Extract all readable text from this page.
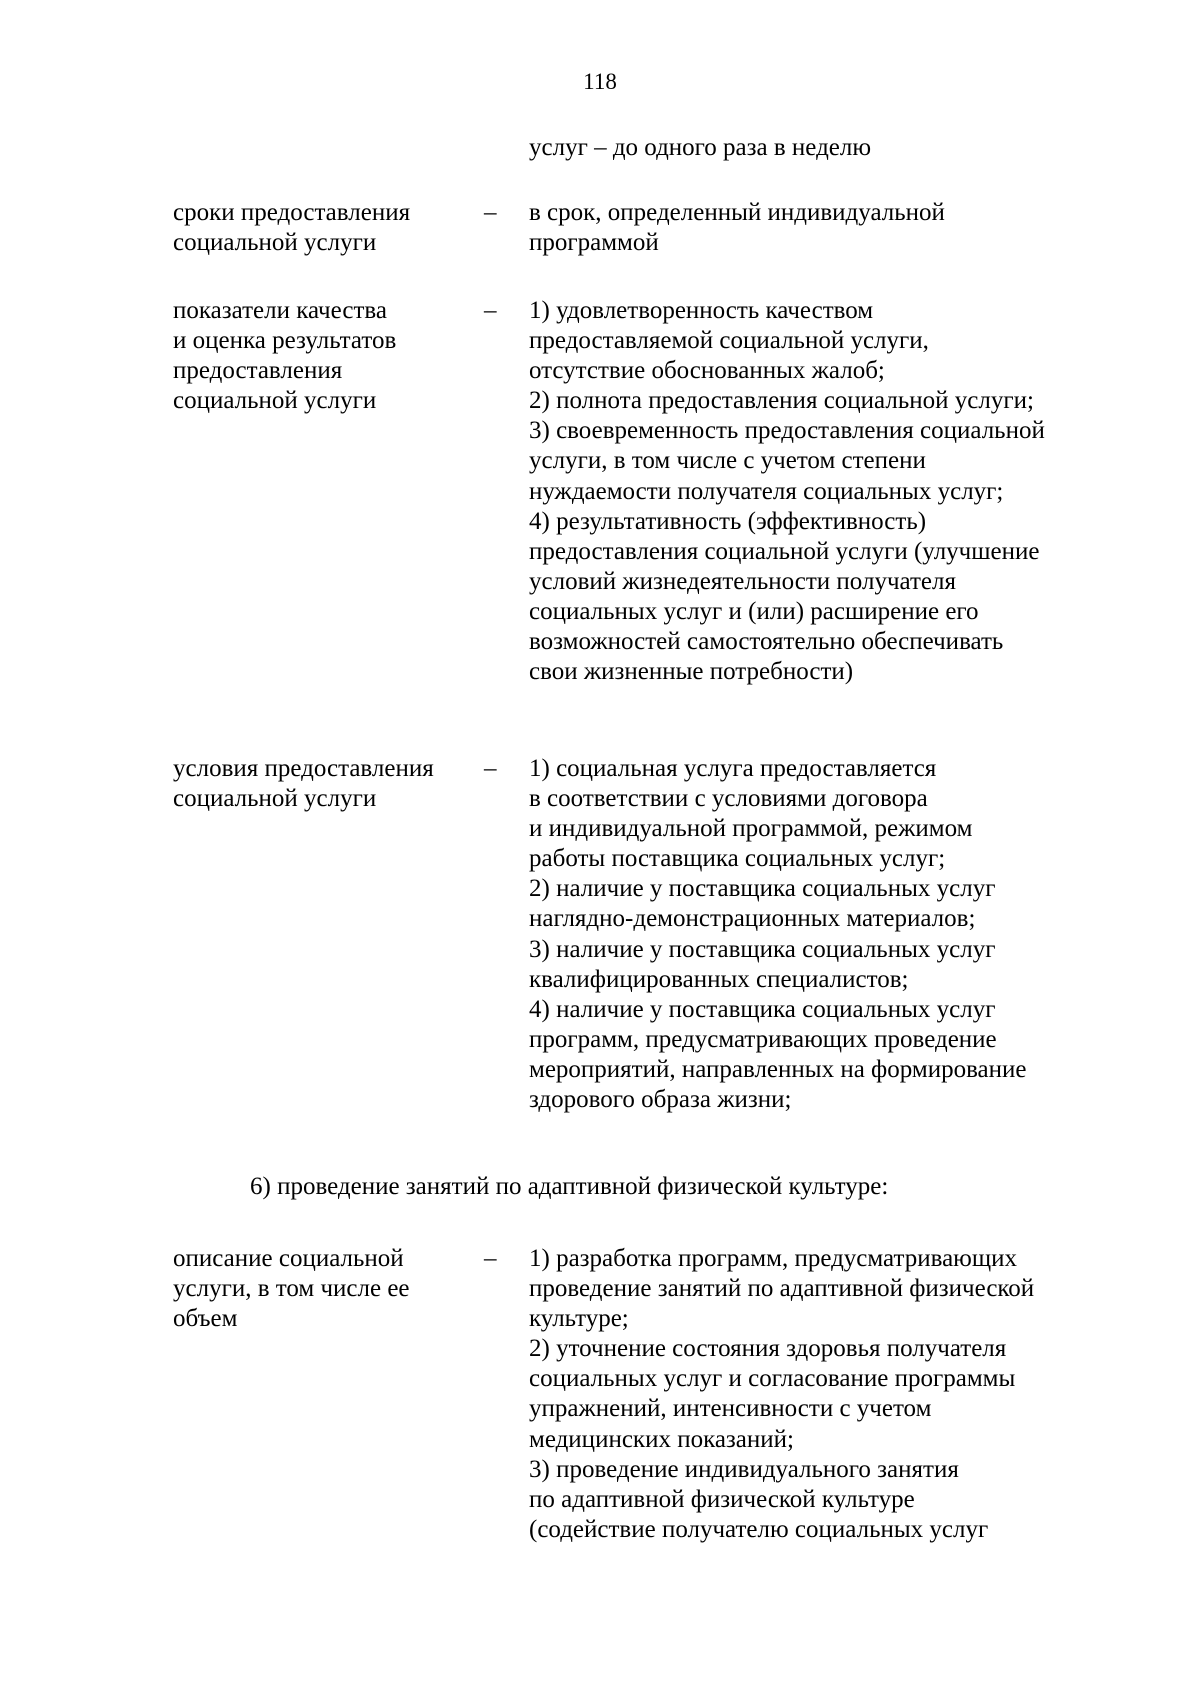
118
услуг – до одного раза в неделю
сроки предоставления
социальной услуги
– в срок, определенный индивидуальной
программой
показатели качества
и оценка результатов
предоставления
социальной услуги
– 1) удовлетворенность качеством
предоставляемой социальной услуги,
отсутствие обоснованных жалоб;
2) полнота предоставления социальной услуги;
3) своевременность предоставления социальной
услуги, в том числе с учетом степени
нуждаемости получателя социальных услуг;
4) результативность (эффективность)
предоставления социальной услуги (улучшение
условий жизнедеятельности получателя
социальных услуг и (или) расширение его
возможностей самостоятельно обеспечивать
свои жизненные потребности)
условия предоставления
социальной услуги
– 1) социальная услуга предоставляется
в соответствии с условиями договора
и индивидуальной программой, режимом
работы поставщика социальных услуг;
2) наличие у поставщика социальных услуг
наглядно-демонстрационных материалов;
3) наличие у поставщика социальных услуг
квалифицированных специалистов;
4) наличие у поставщика социальных услуг
программ, предусматривающих проведение
мероприятий, направленных на формирование
здорового образа жизни;
6) проведение занятий по адаптивной физической культуре:
описание социальной
услуги, в том числе ее
объем
– 1) разработка программ, предусматривающих
проведение занятий по адаптивной физической
культуре;
2) уточнение состояния здоровья получателя
социальных услуг и согласование программы
упражнений, интенсивности с учетом
медицинских показаний;
3) проведение индивидуального занятия
по адаптивной физической культуре
(содействие получателю социальных услуг
